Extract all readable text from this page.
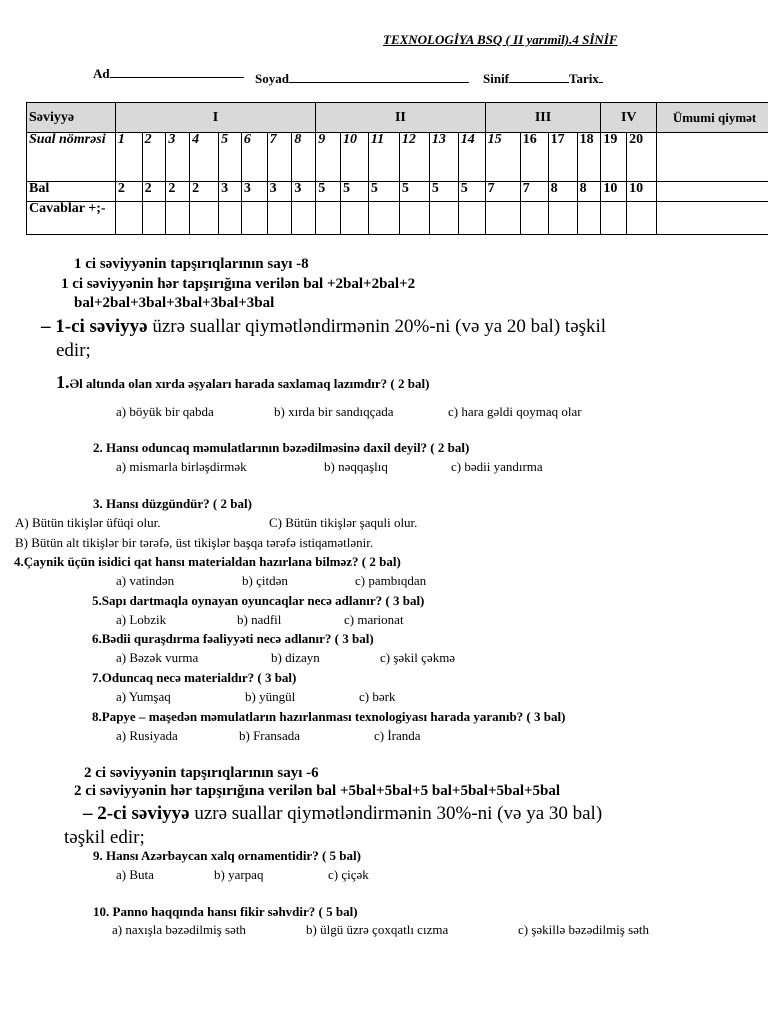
TEXNOLOGİYA BSQ ( II yarımil).4 SİNİF
Ad	Soyad	Sinif	Tarix
Səviyyə	I								II						III				IV		Ümumi qiymət
Sual nömrəsi	1	2	3	4	5	6	7	8	9	10	11	12	13	14	15	16	17	18	19	20	
Bal	2	2	2	2	3	3	3	3	5	5	5	5	5	5	7	7	8	8	10	10	
Cavablar +;-																					
1 ci səviyyənin tapşırıqlarının sayı -8
1 ci səviyyənin hər tapşırığına verilən bal +2bal+2bal+2
bal+2bal+3bal+3bal+3bal+3bal
– 1-ci səviyyə üzrə suallar qiymətləndirmənin 20%-ni (və ya 20 bal) təşkil
edir;
1.Əl altında olan xırda əşyaları harada saxlamaq lazımdır? ( 2 bal)
a) böyük bir qabda	b) xırda bir sandıqçada	c) hara gəldi qoymaq olar
2. Hansı oduncaq məmulatlarının bəzədilməsinə daxil deyil? ( 2 bal)
a) mismarla birləşdirmək	b) nəqqaşlıq	c) bədii yandırma
3. Hansı düzgündür? ( 2 bal)
A) Bütün tikişlər üfüqi olur.	C) Bütün tikişlər şaquli olur.
B) Bütün alt tikişlər bir tərəfə, üst tikişlər başqa tərəfə istiqamətlənir.
4.Çaynik üçün isidici qat hansı materialdan hazırlana bilməz? ( 2 bal)
a) vatindən	b) çitdən	c) pambıqdan
5.Sapı dartmaqla oynayan oyuncaqlar necə adlanır? ( 3 bal)
a) Lobzik	b) nadfil	c) marionat
6.Bədii quraşdırma fəaliyyəti necə adlanır? ( 3 bal)
a) Bəzək vurma	b) dizayn	c) şəkil çəkmə
7.Oduncaq necə materialdır? ( 3 bal)
a) Yumşaq	b) yüngül	c) bərk
8.Papye – maşedən məmulatların hazırlanması texnologiyası harada yaranıb? ( 3 bal)
a) Rusiyada	b) Fransada	c) İranda
2 ci səviyyənin tapşırıqlarının sayı -6
2 ci səviyyənin hər tapşırığına verilən bal +5bal+5bal+5 bal+5bal+5bal+5bal
– 2-ci səviyyə uzrə suallar qiymətləndirmənin 30%-ni (və ya 30 bal)
təşkil edir;
9. Hansı Azərbaycan xalq ornamentidir? ( 5 bal)
a) Buta	b) yarpaq	c) çiçək
10. Panno haqqında hansı fikir səhvdir? ( 5 bal)
a) naxışla bəzədilmiş səth	b) ülgü üzrə çoxqatlı cızma	c) şəkillə bəzədilmiş səth
